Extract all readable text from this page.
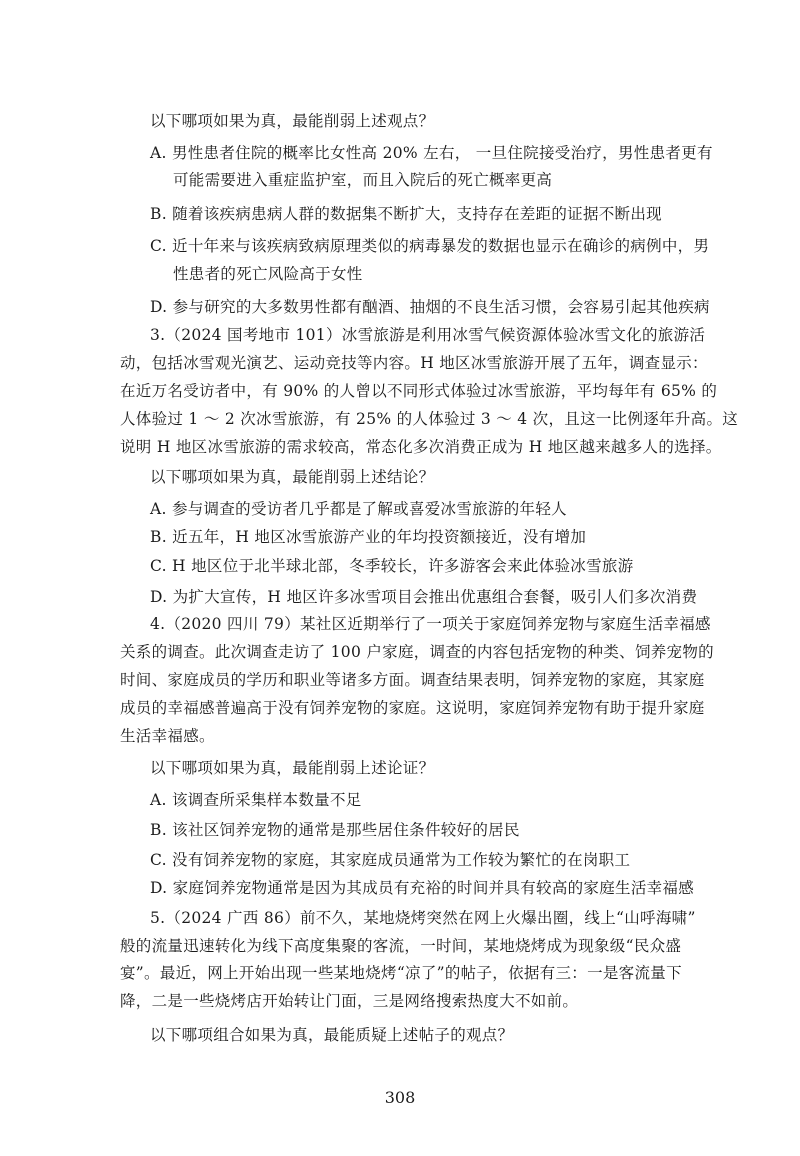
以下哪项如果为真，最能削弱上述观点？
A. 男性患者住院的概率比女性高 20% 左右， 一旦住院接受治疗，男性患者更有
可能需要进入重症监护室，而且入院后的死亡概率更高
B. 随着该疾病患病人群的数据集不断扩大，支持存在差距的证据不断出现
C. 近十年来与该疾病致病原理类似的病毒暴发的数据也显示在确诊的病例中，男
性患者的死亡风险高于女性
D. 参与研究的大多数男性都有酗酒、抽烟的不良生活习惯，会容易引起其他疾病
3.（2024 国考地市 101）冰雪旅游是利用冰雪气候资源体验冰雪文化的旅游活
动，包括冰雪观光演艺、运动竞技等内容。H 地区冰雪旅游开展了五年，调查显示：
在近万名受访者中，有 90% 的人曾以不同形式体验过冰雪旅游，平均每年有 65% 的
人体验过 1 ～ 2 次冰雪旅游，有 25% 的人体验过 3 ～ 4 次，且这一比例逐年升高。这
说明 H 地区冰雪旅游的需求较高，常态化多次消费正成为 H 地区越来越多人的选择。
以下哪项如果为真，最能削弱上述结论？
A. 参与调查的受访者几乎都是了解或喜爱冰雪旅游的年轻人
B. 近五年，H 地区冰雪旅游产业的年均投资额接近，没有增加
C. H 地区位于北半球北部，冬季较长，许多游客会来此体验冰雪旅游
D. 为扩大宣传，H 地区许多冰雪项目会推出优惠组合套餐，吸引人们多次消费
4.（2020 四川 79）某社区近期举行了一项关于家庭饲养宠物与家庭生活幸福感
关系的调查。此次调查走访了 100 户家庭，调查的内容包括宠物的种类、饲养宠物的
时间、家庭成员的学历和职业等诸多方面。调查结果表明，饲养宠物的家庭，其家庭
成员的幸福感普遍高于没有饲养宠物的家庭。这说明，家庭饲养宠物有助于提升家庭
生活幸福感。
以下哪项如果为真，最能削弱上述论证？
A. 该调查所采集样本数量不足
B. 该社区饲养宠物的通常是那些居住条件较好的居民
C. 没有饲养宠物的家庭，其家庭成员通常为工作较为繁忙的在岗职工
D. 家庭饲养宠物通常是因为其成员有充裕的时间并具有较高的家庭生活幸福感
5.（2024 广西 86）前不久，某地烧烤突然在网上火爆出圈，线上“山呼海啸”
般的流量迅速转化为线下高度集聚的客流，一时间，某地烧烤成为现象级“民众盛
宴”。最近，网上开始出现一些某地烧烤“凉了”的帖子，依据有三：一是客流量下
降，二是一些烧烤店开始转让门面，三是网络搜索热度大不如前。
以下哪项组合如果为真，最能质疑上述帖子的观点？
308
